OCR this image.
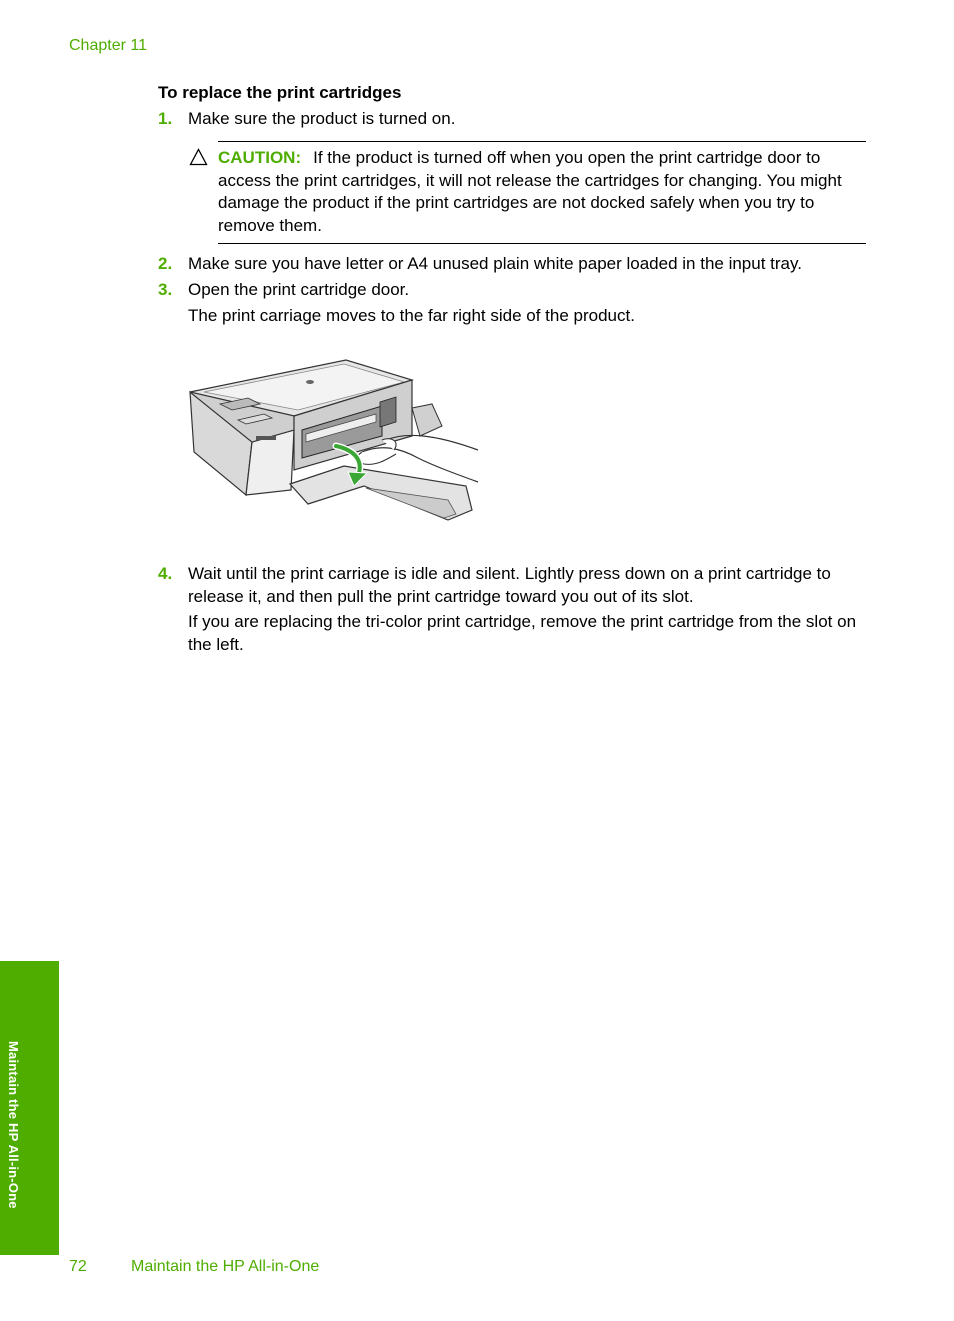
Chapter 11
To replace the print cartridges
1. Make sure the product is turned on.
CAUTION: If the product is turned off when you open the print cartridge door to access the print cartridges, it will not release the cartridges for changing. You might damage the product if the print cartridges are not docked safely when you try to remove them.
2. Make sure you have letter or A4 unused plain white paper loaded in the input tray.
3. Open the print cartridge door.
The print carriage moves to the far right side of the product.
4. Wait until the print carriage is idle and silent. Lightly press down on a print cartridge to release it, and then pull the print cartridge toward you out of its slot.
If you are replacing the tri-color print cartridge, remove the print cartridge from the slot on the left.
Maintain the HP All-in-One
72	Maintain the HP All-in-One
